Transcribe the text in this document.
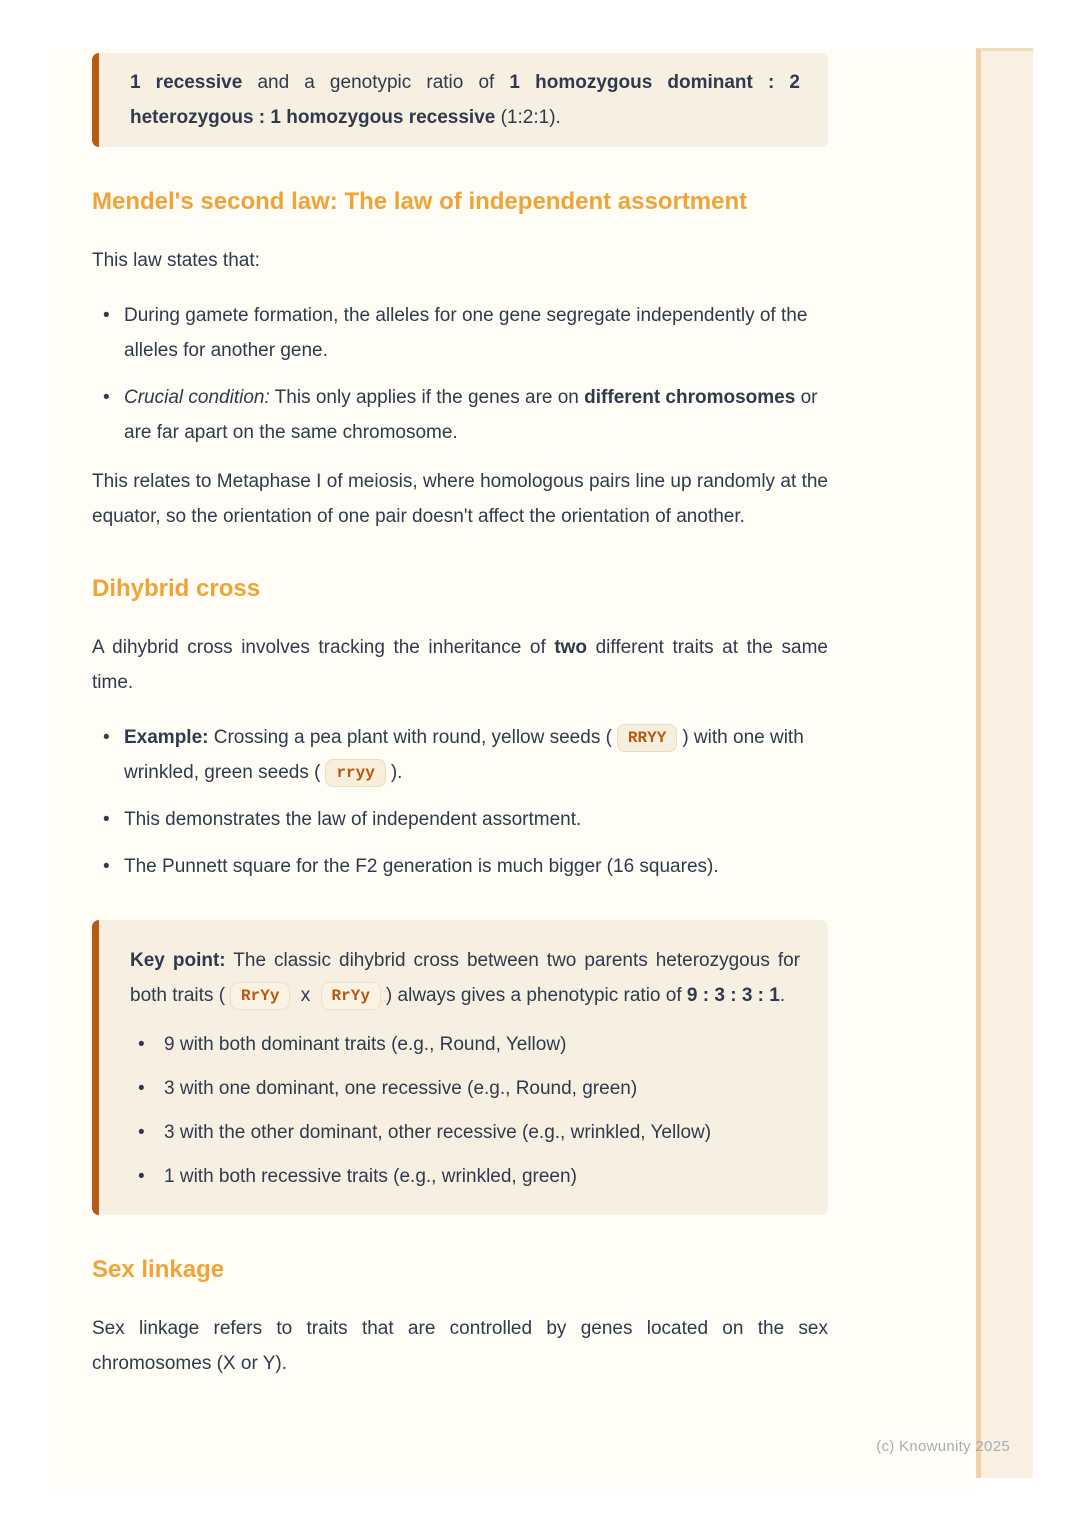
1 recessive and a genotypic ratio of 1 homozygous dominant : 2 heterozygous : 1 homozygous recessive (1:2:1).

Mendel's second law: The law of independent assortment

This law states that:

• During gamete formation, the alleles for one gene segregate independently of the alleles for another gene.

• Crucial condition: This only applies if the genes are on different chromosomes or are far apart on the same chromosome.

This relates to Metaphase I of meiosis, where homologous pairs line up randomly at the equator, so the orientation of one pair doesn't affect the orientation of another.

Dihybrid cross

A dihybrid cross involves tracking the inheritance of two different traits at the same time.

• Example: Crossing a pea plant with round, yellow seeds ( RRYY ) with one with wrinkled, green seeds ( rryy ).

• This demonstrates the law of independent assortment.

• The Punnett square for the F2 generation is much bigger (16 squares).

Key point: The classic dihybrid cross between two parents heterozygous for both traits ( RrYy x RrYy ) always gives a phenotypic ratio of 9 : 3 : 3 : 1.

• 9 with both dominant traits (e.g., Round, Yellow)

• 3 with one dominant, one recessive (e.g., Round, green)

• 3 with the other dominant, other recessive (e.g., wrinkled, Yellow)

• 1 with both recessive traits (e.g., wrinkled, green)

Sex linkage

Sex linkage refers to traits that are controlled by genes located on the sex chromosomes (X or Y).

(c) Knowunity 2025
